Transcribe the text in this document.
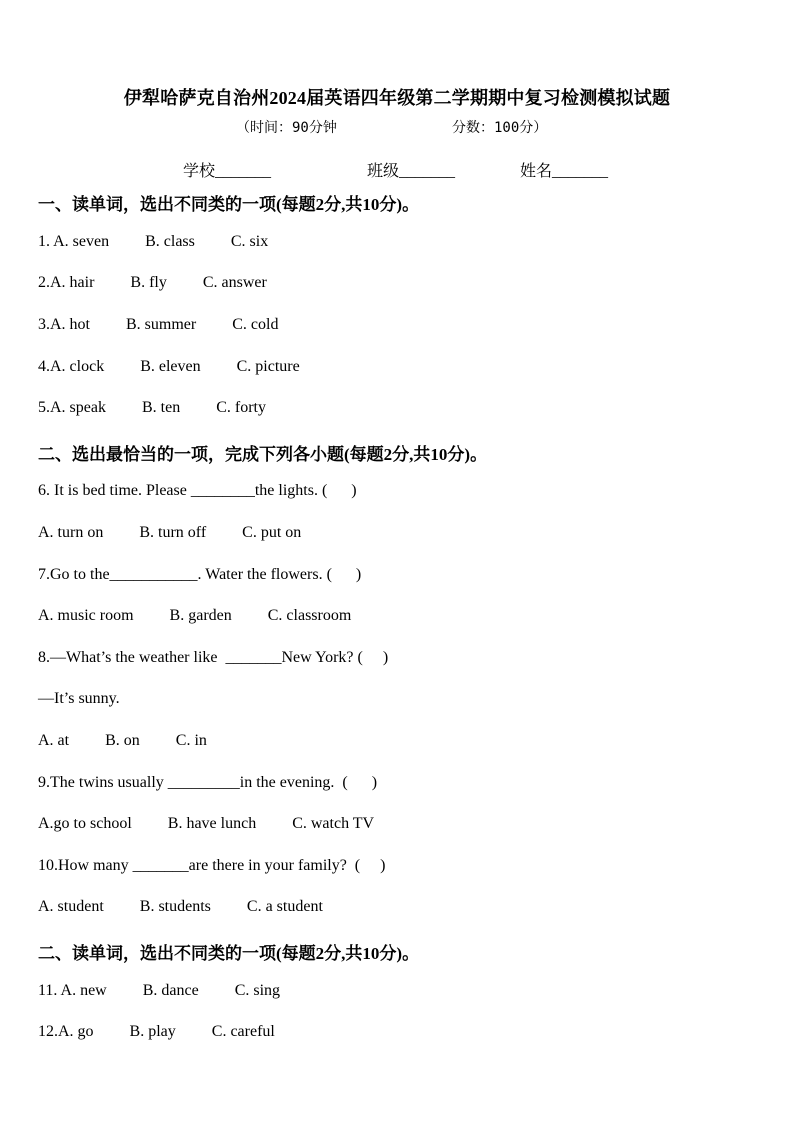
伊犁哈萨克自治州2024届英语四年级第二学期期中复习检测模拟试题
（时间：90分钟	分数：100分）
学校_______	班级_______	姓名_______
一、读单词，选出不同类的一项(每题2分,共10分)。
1. A. seven         B. class         C. six
2.A. hair         B. fly         C. answer
3.A. hot         B. summer         C. cold
4.A. clock         B. eleven         C. picture
5.A. speak         B. ten         C. forty
二、选出最恰当的一项，完成下列各小题(每题2分,共10分)。
6. It is bed time. Please ________the lights. (      )
A. turn on         B. turn off         C. put on
7.Go to the___________. Water the flowers. (      )
A. music room         B. garden         C. classroom
8.—What’s the weather like  _______New York? (     )
—It’s sunny.
A. at         B. on         C. in
9.The twins usually _________in the evening.  (      )
A.go to school         B. have lunch         C. watch TV
10.How many _______are there in your family?  (     )
A. student         B. students         C. a student
二、读单词，选出不同类的一项(每题2分,共10分)。
11. A. new         B. dance         C. sing
12.A. go         B. play         C. careful
